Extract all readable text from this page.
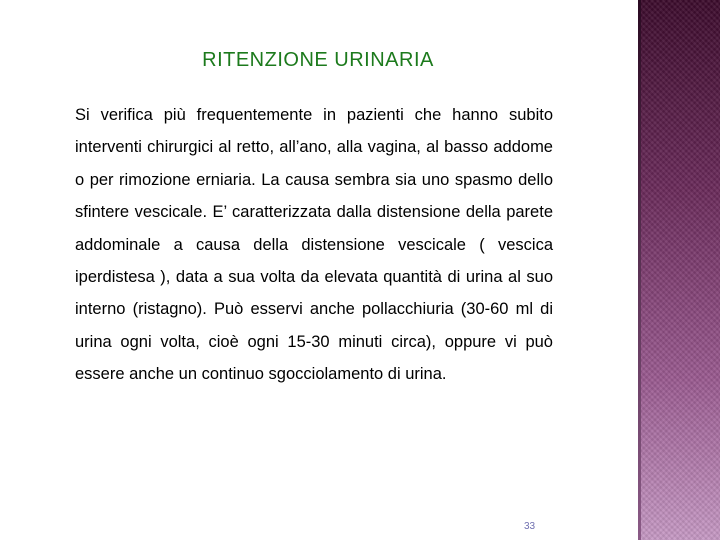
RITENZIONE URINARIA

Si verifica più frequentemente in pazienti che hanno subito interventi chirurgici al retto, all’ano, alla vagina, al basso addome o per rimozione erniaria. La causa sembra sia uno spasmo dello sfintere vescicale. E’ caratterizzata dalla distensione della parete addominale a causa della distensione vescicale ( vescica iperdistesa ), data a sua volta da elevata quantità di urina al suo interno (ristagno). Può esservi anche pollacchiuria (30-60 ml di urina ogni volta, cioè ogni 15-30 minuti circa), oppure vi può essere anche un continuo sgocciolamento di urina.

33
